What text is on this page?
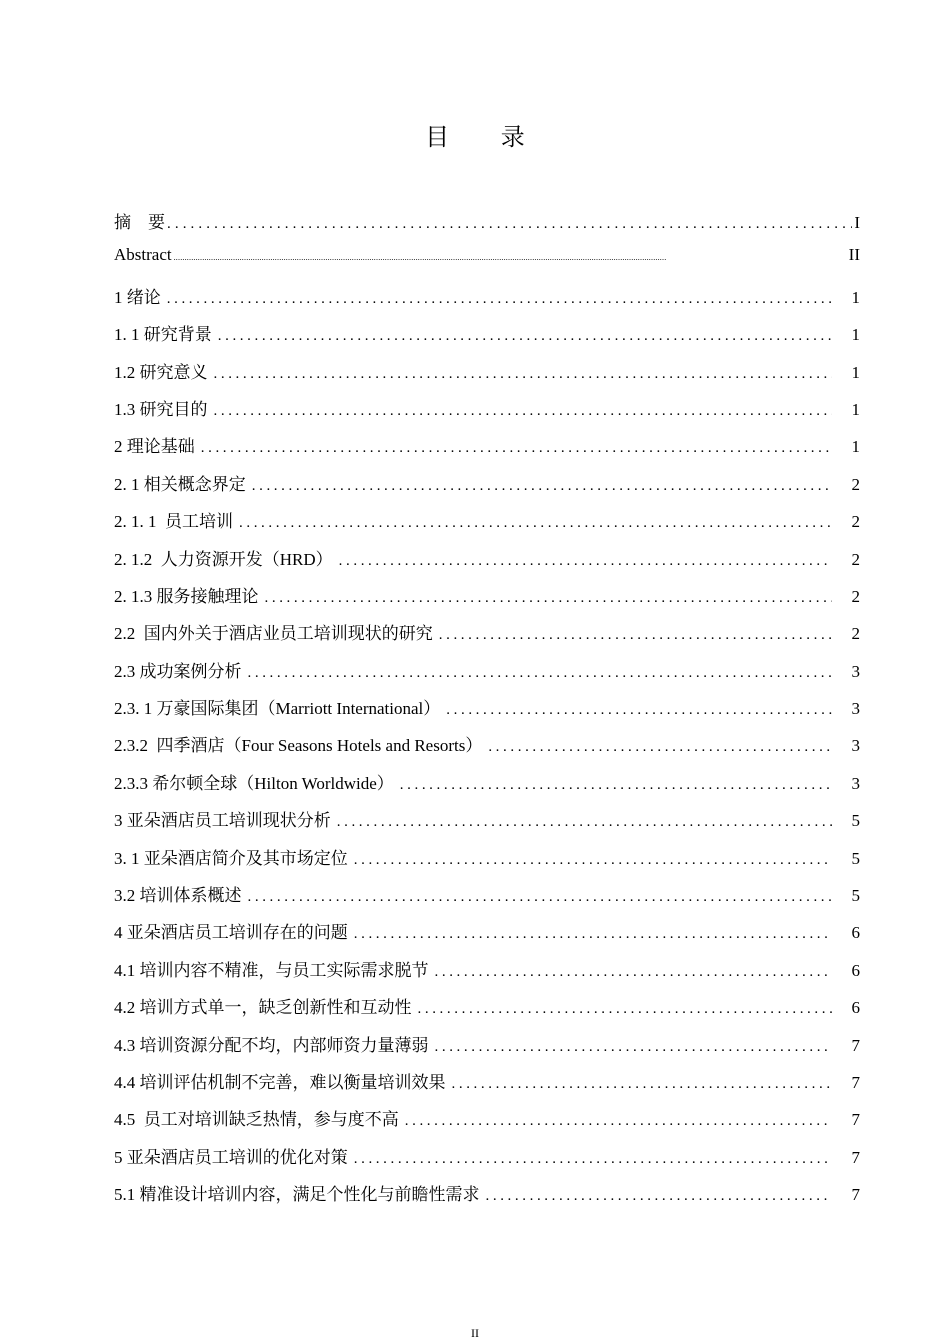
目 录
摘    要 .....	I
Abstract .....	II
1 绪论 .....	1
1. 1 研究背景 .....	1
1.2 研究意义 .....	1
1.3 研究目的 .....	1
2 理论基础 .....	1
2. 1 相关概念界定 .....	2
2. 1. 1  员工培训 .....	2
2. 1.2  人力资源开发（HRD） .....	2
2. 1.3 服务接触理论 .....	2
2.2  国内外关于酒店业员工培训现状的研究 .....	2
2.3 成功案例分析 .....	3
2.3. 1 万豪国际集团（Marriott International） .....	3
2.3.2  四季酒店（Four Seasons Hotels and Resorts） .....	3
2.3.3 希尔顿全球（Hilton Worldwide） .....	3
3 亚朵酒店员工培训现状分析 .....	5
3. 1 亚朵酒店简介及其市场定位 .....	5
3.2 培训体系概述 .....	5
4 亚朵酒店员工培训存在的问题 .....	6
4.1 培训内容不精准，与员工实际需求脱节 .....	6
4.2 培训方式单一，缺乏创新性和互动性 .....	6
4.3 培训资源分配不均，内部师资力量薄弱 .....	7
4.4 培训评估机制不完善，难以衡量培训效果 .....	7
4.5  员工对培训缺乏热情，参与度不高 .....	7
5 亚朵酒店员工培训的优化对策 .....	7
5.1 精准设计培训内容，满足个性化与前瞻性需求 .....	7
II
